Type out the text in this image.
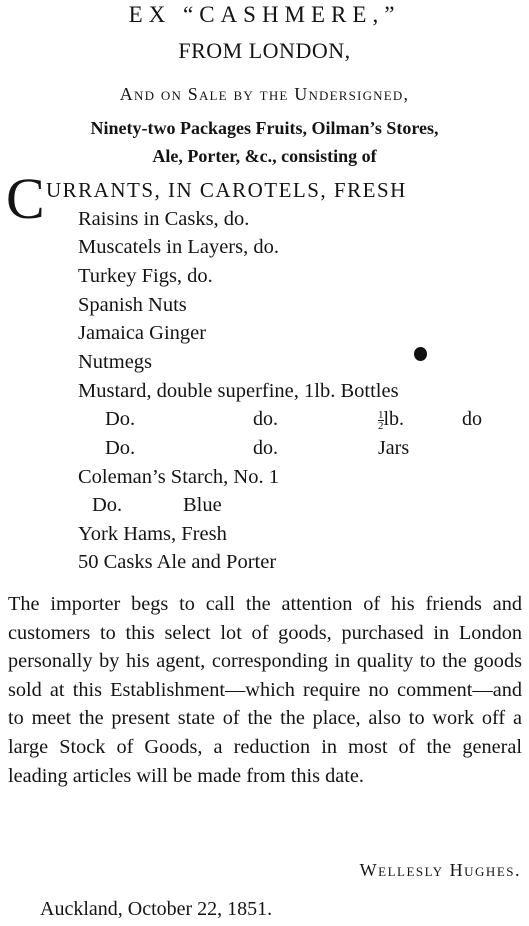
EX “CASHMERE,”
FROM LONDON,
And on Sale by the Undersigned,
Ninety-two Packages Fruits, Oilman’s Stores,
Ale, Porter, &c., consisting of
C URRANTS, IN CAROTELS, FRESH
Raisins in Casks, do.
Muscatels in Layers, do.
Turkey Figs, do.
Spanish Nuts
Jamaica Ginger
Nutmegs
Mustard, double superfine, 1lb. Bottles
Do.	do.	$\frac{1}{2}$ lb.	do
Do.	do.	Jars
Coleman’s Starch, No. 1
Do.	Blue
York Hams, Fresh
50 Casks Ale and Porter
The importer begs to call the attention of his friends and customers to this select lot of goods, purchased in London personally by his agent, corresponding in quality to the goods sold at this Establishment—which require no comment—and to meet the present state of the the place, also to work off a large Stock of Goods, a reduction in most of the general leading articles will be made from this date.
Wellesly Hughes.
Auckland, October 22, 1851.
